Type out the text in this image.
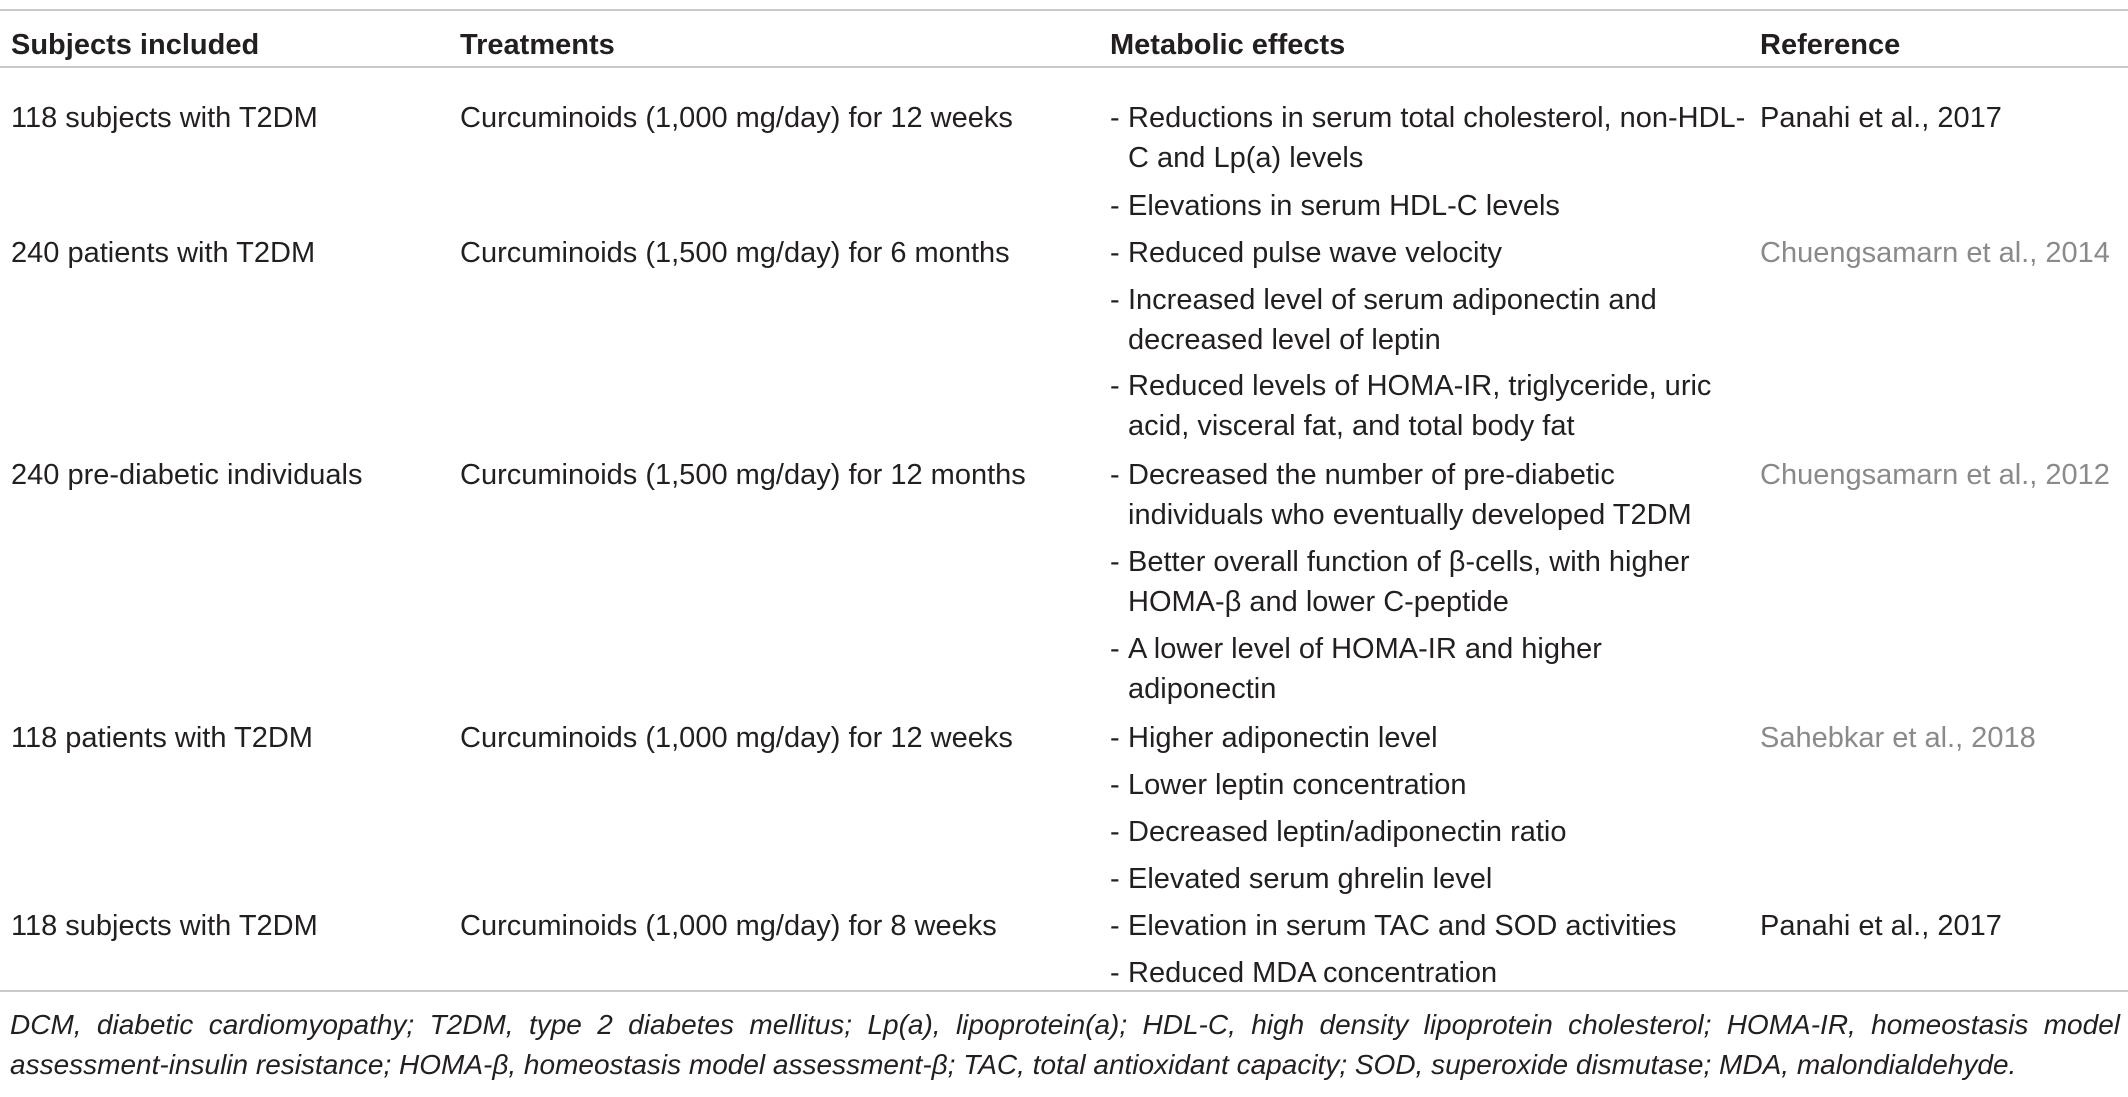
Subjects included	Treatments	Metabolic effects	Reference
118 subjects with T2DM	Curcuminoids (1,000 mg/day) for 12 weeks	- Reductions in serum total cholesterol, non-HDL-C and Lp(a) levels
- Elevations in serum HDL-C levels
Panahi et al., 2017
240 patients with T2DM	Curcuminoids (1,500 mg/day) for 6 months	- Reduced pulse wave velocity
- Increased level of serum adiponectin and decreased level of leptin
- Reduced levels of HOMA-IR, triglyceride, uric acid, visceral fat, and total body fat
Chuengsamarn et al., 2014
240 pre-diabetic individuals	Curcuminoids (1,500 mg/day) for 12 months	- Decreased the number of pre-diabetic individuals who eventually developed T2DM
- Better overall function of β-cells, with higher HOMA-β and lower C-peptide
- A lower level of HOMA-IR and higher adiponectin
Chuengsamarn et al., 2012
118 patients with T2DM	Curcuminoids (1,000 mg/day) for 12 weeks	- Higher adiponectin level
- Lower leptin concentration
- Decreased leptin/adiponectin ratio
- Elevated serum ghrelin level
Sahebkar et al., 2018
118 subjects with T2DM	Curcuminoids (1,000 mg/day) for 8 weeks	- Elevation in serum TAC and SOD activities
- Reduced MDA concentration
Panahi et al., 2017
DCM, diabetic cardiomyopathy; T2DM, type 2 diabetes mellitus; Lp(a), lipoprotein(a); HDL-C, high density lipoprotein cholesterol; HOMA-IR, homeostasis model assessment-insulin resistance; HOMA-β, homeostasis model assessment-β; TAC, total antioxidant capacity; SOD, superoxide dismutase; MDA, malondialdehyde.
